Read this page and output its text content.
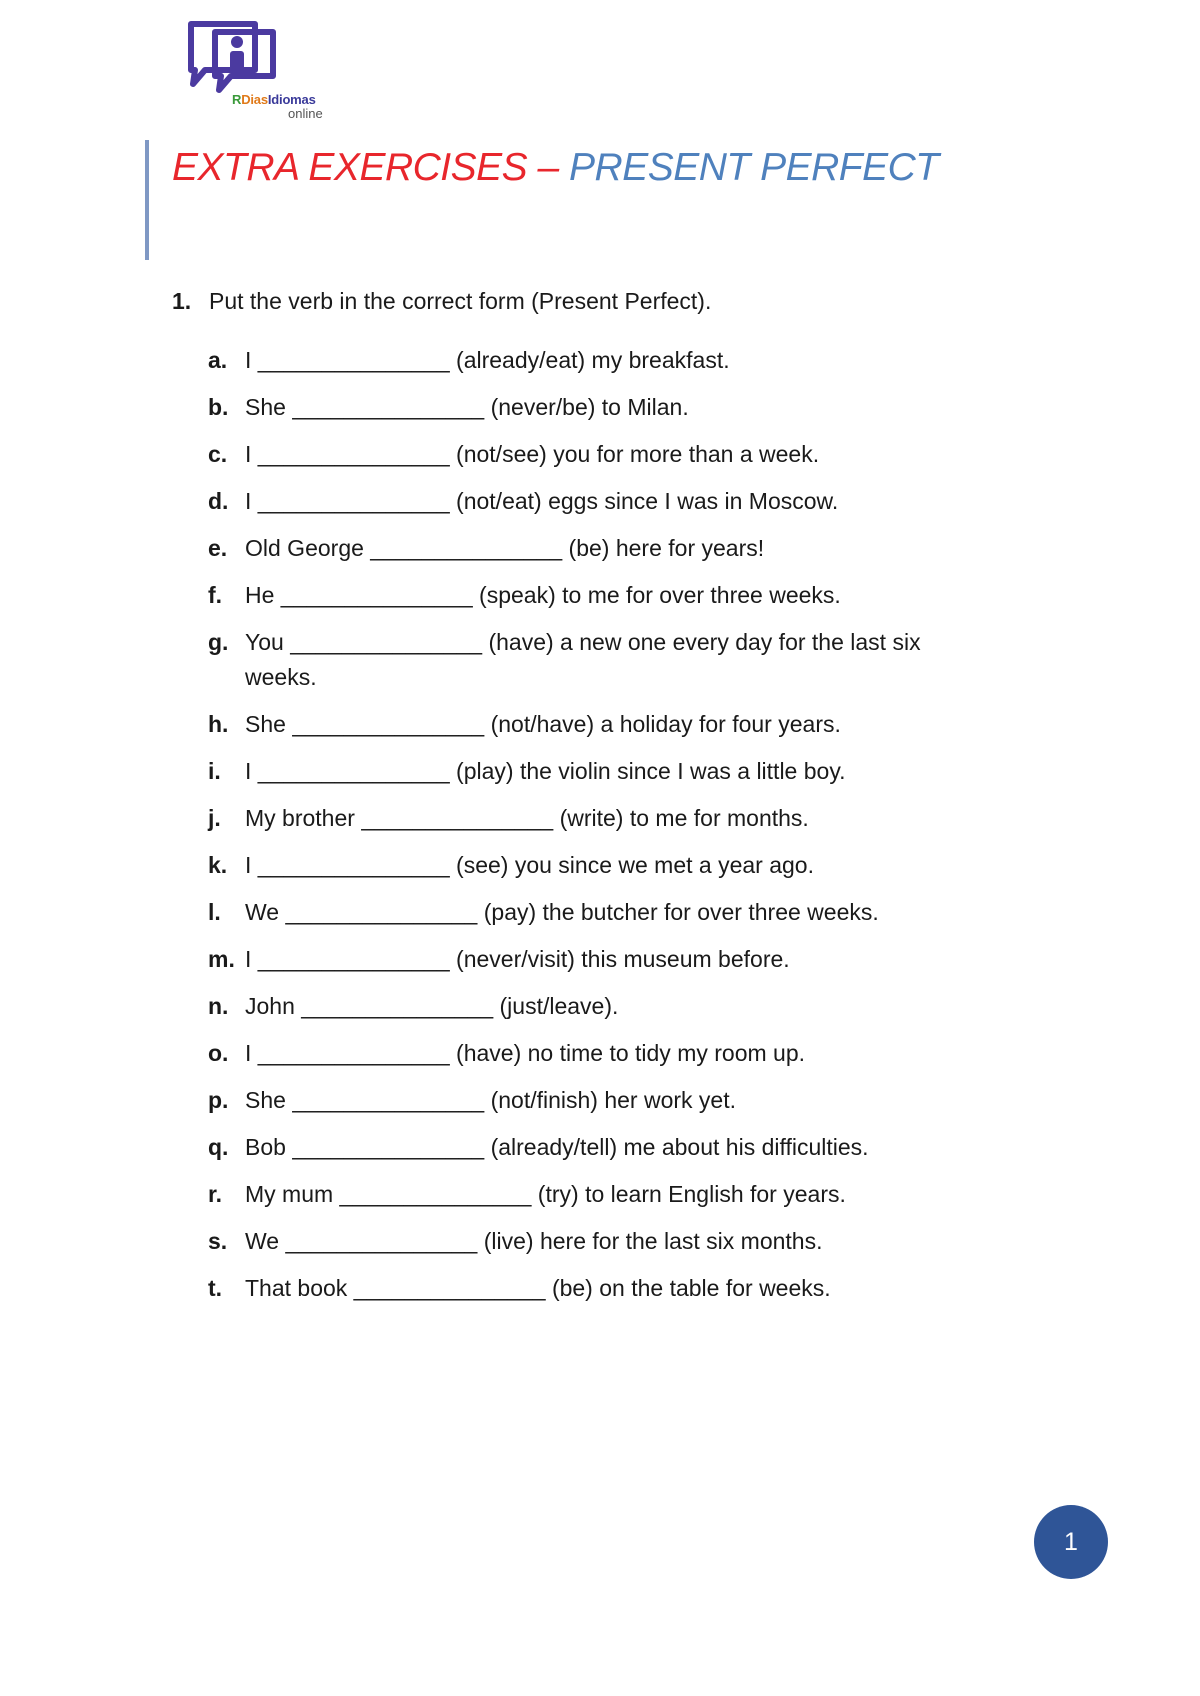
RDiasIdiomas
online
EXTRA EXERCISES – PRESENT PERFECT
1. Put the verb in the correct form (Present Perfect).
a. I _______________ (already/eat) my breakfast.
b. She _______________ (never/be) to Milan.
c. I _______________ (not/see) you for more than a week.
d. I _______________ (not/eat) eggs since I was in Moscow.
e. Old George _______________ (be) here for years!
f. He _______________ (speak) to me for over three weeks.
g. You _______________ (have) a new one every day for the last six weeks.
h. She _______________ (not/have) a holiday for four years.
i. I _______________ (play) the violin since I was a little boy.
j. My brother _______________ (write) to me for months.
k. I _______________ (see) you since we met a year ago.
l. We _______________ (pay) the butcher for over three weeks.
m. I _______________ (never/visit) this museum before.
n. John _______________ (just/leave).
o. I _______________ (have) no time to tidy my room up.
p. She _______________ (not/finish) her work yet.
q. Bob _______________ (already/tell) me about his difficulties.
r. My mum _______________ (try) to learn English for years.
s. We _______________ (live) here for the last six months.
t. That book _______________ (be) on the table for weeks.
1
